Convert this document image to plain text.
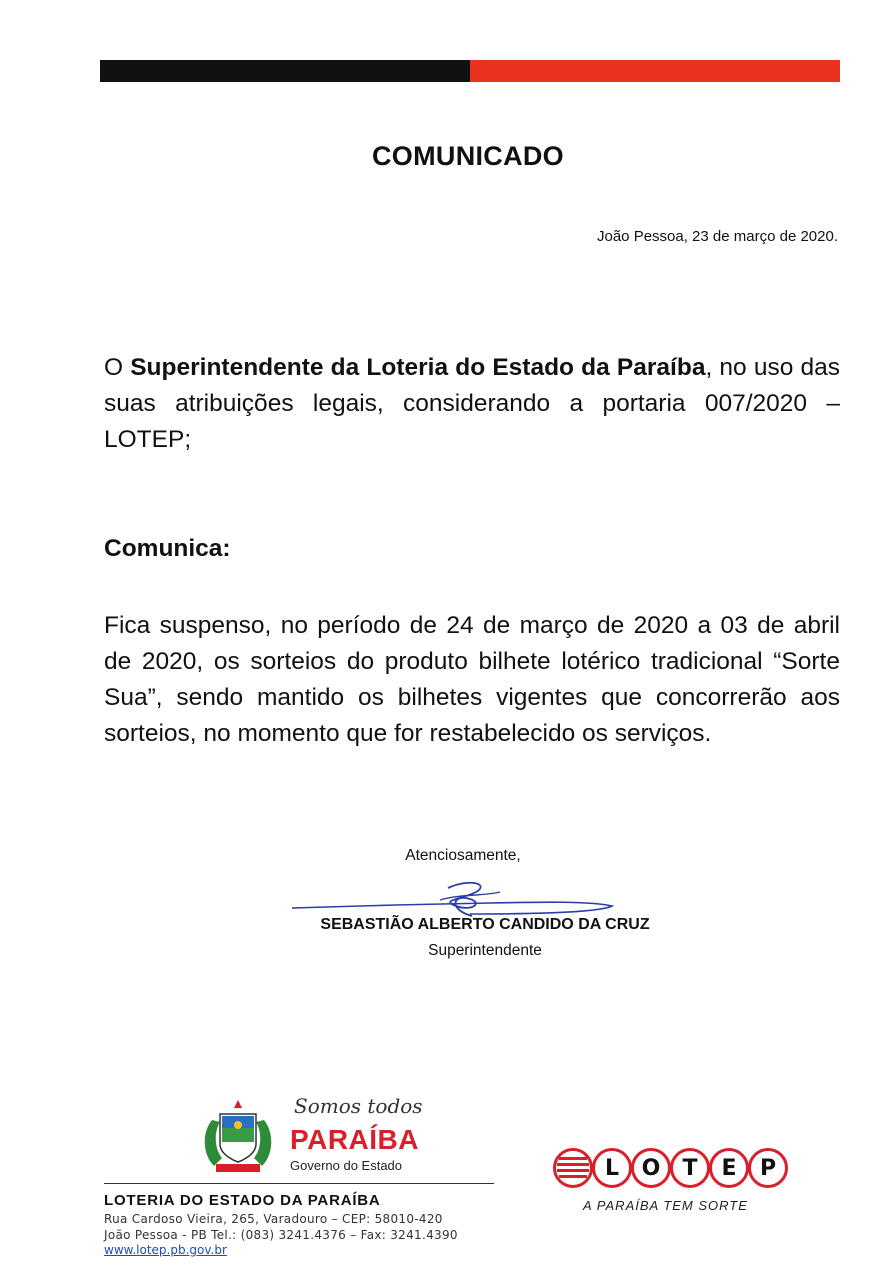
COMUNICADO
João Pessoa, 23 de março de 2020.
O Superintendente da Loteria do Estado da Paraíba, no uso das suas atribuições legais, considerando a portaria 007/2020 – LOTEP;
Comunica:
Fica suspenso, no período de 24 de março de 2020 a 03 de abril de 2020, os sorteios do produto bilhete lotérico tradicional “Sorte Sua”, sendo mantido os bilhetes vigentes que concorrerão aos sorteios, no momento que for restabelecido os serviços.
Atenciosamente,
SEBASTIÃO ALBERTO CANDIDO DA CRUZ
Superintendente
Somos todos
PARAÍBA
Governo do Estado
LOTERIA DO ESTADO DA PARAÍBA
Rua Cardoso Vieira, 265, Varadouro – CEP: 58010-420
João Pessoa - PB Tel.: (083) 3241.4376 – Fax: 3241.4390
www.lotep.pb.gov.br
L O T E P
A PARAÍBA TEM SORTE
